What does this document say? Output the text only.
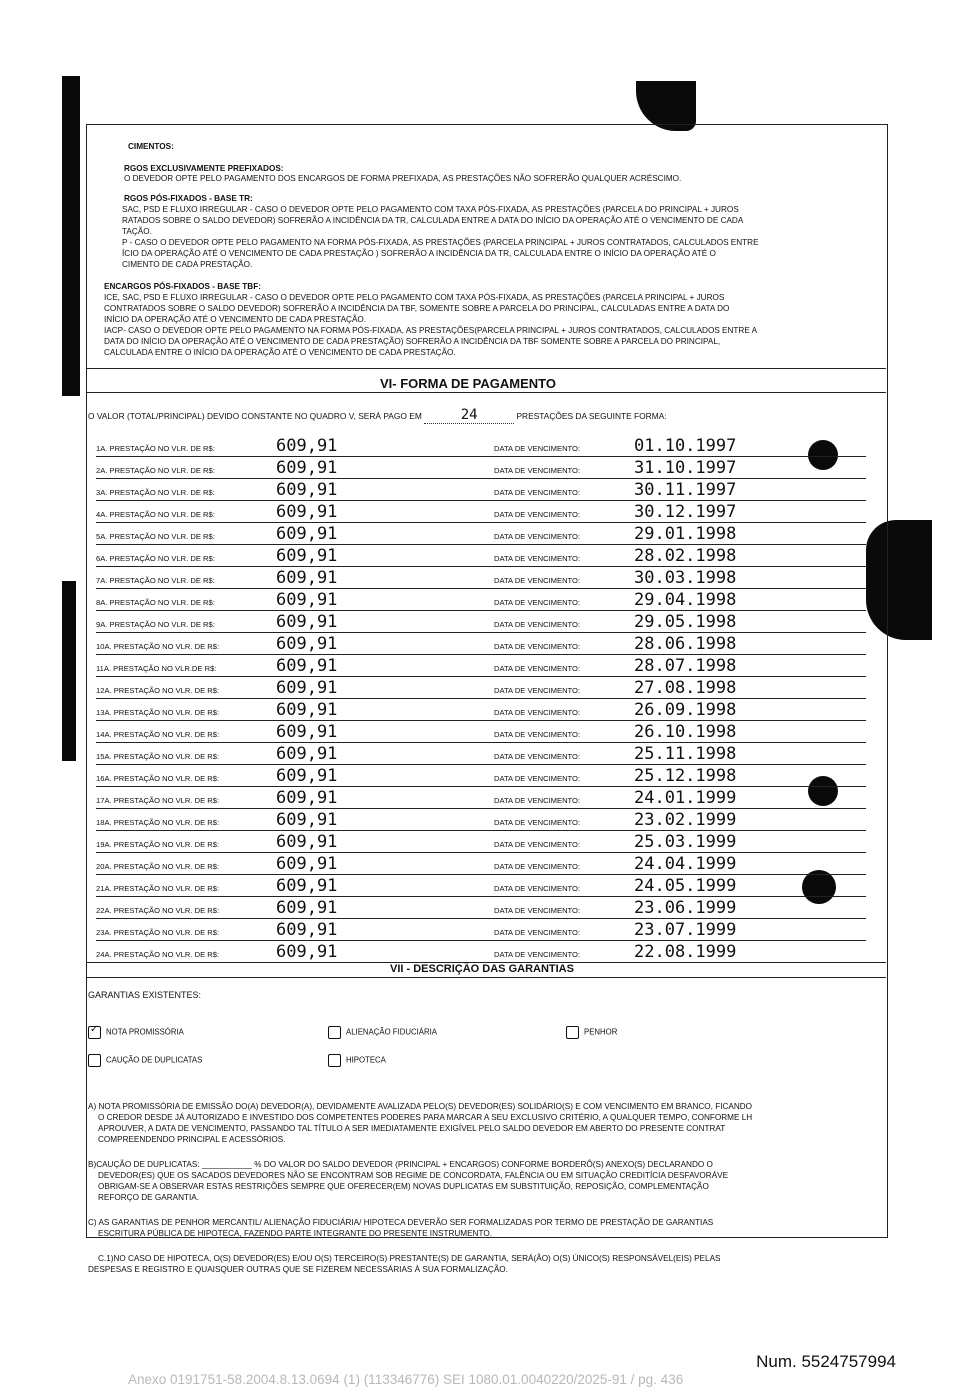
CIMENTOS:
RGOS EXCLUSIVAMENTE PREFIXADOS:
O DEVEDOR OPTE PELO PAGAMENTO DOS ENCARGOS DE FORMA PREFIXADA, AS PRESTAÇÕES NÃO SOFRERÃO QUALQUER ACRÉSCIMO.
RGOS PÓS-FIXADOS - BASE TR:
SAC, PSD E FLUXO IRREGULAR - CASO O DEVEDOR OPTE PELO PAGAMENTO COM TAXA PÓS-FIXADA, AS PRESTAÇÕES (PARCELA DO PRINCIPAL + JUROS
RATADOS SOBRE O SALDO DEVEDOR) SOFRERÃO A INCIDÊNCIA DA TR, CALCULADA ENTRE A DATA DO INÍCIO DA OPERAÇÃO ATÉ O VENCIMENTO DE CADA
TAÇÃO.
P - CASO O DEVEDOR OPTE PELO PAGAMENTO NA FORMA PÓS-FIXADA, AS PRESTAÇÕES (PARCELA PRINCIPAL + JUROS CONTRATADOS, CALCULADOS ENTRE
ÍCIO DA OPERAÇÃO ATÉ O VENCIMENTO DE CADA PRESTAÇÃO ) SOFRERÃO A INCIDÊNCIA DA TR, CALCULADA ENTRE O INÍCIO DA OPERAÇÃO ATÉ O
CIMENTO DE CADA PRESTAÇÃO.
ENCARGOS PÓS-FIXADOS - BASE TBF:
ICE, SAC, PSD E FLUXO IRREGULAR - CASO O DEVEDOR OPTE PELO PAGAMENTO COM TAXA PÓS-FIXADA, AS PRESTAÇÕES (PARCELA PRINCIPAL + JUROS
CONTRATADOS SOBRE O SALDO DEVEDOR) SOFRERÃO A INCIDÊNCIA DA TBF, SOMENTE SOBRE A PARCELA DO PRINCIPAL, CALCULADAS ENTRE A DATA DO
INÍCIO DA OPERAÇÃO ATÉ O VENCIMENTO DE CADA PRESTAÇÃO.
IACP- CASO O DEVEDOR OPTE PELO PAGAMENTO NA FORMA PÓS-FIXADA, AS PRESTAÇÕES(PARCELA PRINCIPAL + JUROS CONTRATADOS, CALCULADOS ENTRE A
DATA DO INÍCIO DA OPERAÇÃO ATÉ O VENCIMENTO DE CADA PRESTAÇÃO) SOFRERÃO A INCIDÊNCIA DA TBF SOMENTE SOBRE A PARCELA DO PRINCIPAL,
CALCULADA ENTRE O INÍCIO DA OPERAÇÃO ATÉ O VENCIMENTO DE CADA PRESTAÇÃO.
VI- FORMA DE PAGAMENTO
O VALOR (TOTAL/PRINCIPAL) DEVIDO CONSTANTE NO QUADRO V, SERÁ PAGO EM	24	PRESTAÇÕES DA SEGUINTE FORMA:
1A. PRESTAÇÃO NO VLR. DE R$:	609,91	DATA DE VENCIMENTO:	01.10.1997
2A. PRESTAÇÃO NO VLR. DE R$:	609,91	DATA DE VENCIMENTO:	31.10.1997
3A. PRESTAÇÃO NO VLR. DE R$:	609,91	DATA DE VENCIMENTO:	30.11.1997
4A. PRESTAÇÃO NO VLR. DE R$:	609,91	DATA DE VENCIMENTO:	30.12.1997
5A. PRESTAÇÃO NO VLR. DE R$:	609,91	DATA DE VENCIMENTO:	29.01.1998
6A. PRESTAÇÃO NO VLR. DE R$:	609,91	DATA DE VENCIMENTO:	28.02.1998
7A. PRESTAÇÃO NO VLR. DE R$:	609,91	DATA DE VENCIMENTO:	30.03.1998
8A. PRESTAÇÃO NO VLR. DE R$:	609,91	DATA DE VENCIMENTO:	29.04.1998
9A. PRESTAÇÃO NO VLR. DE R$:	609,91	DATA DE VENCIMENTO:	29.05.1998
10A. PRESTAÇÃO NO VLR. DE R$:	609,91	DATA DE VENCIMENTO:	28.06.1998
11A. PRESTAÇÃO NO VLR.DE R$:	609,91	DATA DE VENCIMENTO:	28.07.1998
12A. PRESTAÇÃO NO VLR. DE R$:	609,91	DATA DE VENCIMENTO:	27.08.1998
13A. PRESTAÇÃO NO VLR. DE R$:	609,91	DATA DE VENCIMENTO:	26.09.1998
14A. PRESTAÇÃO NO VLR. DE R$:	609,91	DATA DE VENCIMENTO:	26.10.1998
15A. PRESTAÇÃO NO VLR. DE R$:	609,91	DATA DE VENCIMENTO:	25.11.1998
16A. PRESTAÇÃO NO VLR. DE R$:	609,91	DATA DE VENCIMENTO:	25.12.1998
17A. PRESTAÇÃO NO VLR. DE R$:	609,91	DATA DE VENCIMENTO:	24.01.1999
18A. PRESTAÇÃO NO VLR. DE R$:	609,91	DATA DE VENCIMENTO:	23.02.1999
19A. PRESTAÇÃO NO VLR. DE R$:	609,91	DATA DE VENCIMENTO:	25.03.1999
20A. PRESTAÇÃO NO VLR. DE R$:	609,91	DATA DE VENCIMENTO:	24.04.1999
21A. PRESTAÇÃO NO VLR. DE R$:	609,91	DATA DE VENCIMENTO:	24.05.1999
22A. PRESTAÇÃO NO VLR. DE R$:	609,91	DATA DE VENCIMENTO:	23.06.1999
23A. PRESTAÇÃO NO VLR. DE R$:	609,91	DATA DE VENCIMENTO:	23.07.1999
24A. PRESTAÇÃO NO VLR. DE R$:	609,91	DATA DE VENCIMENTO:	22.08.1999
VII - DESCRIÇÃO DAS GARANTIAS
GARANTIAS EXISTENTES:
✓NOTA PROMISSÓRIA	ALIENAÇÃO FIDUCIÁRIA	PENHOR
CAUÇÃO DE DUPLICATAS	HIPOTECA
A) NOTA PROMISSÓRIA DE EMISSÃO DO(A) DEVEDOR(A), DEVIDAMENTE AVALIZADA PELO(S) DEVEDOR(ES) SOLIDÁRIO(S) E COM VENCIMENTO EM BRANCO, FICANDO
O CREDOR DESDE JÁ AUTORIZADO E INVESTIDO DOS COMPETENTES PODERES PARA MARCAR A SEU EXCLUSIVO CRITÉRIO, A QUALQUER TEMPO, CONFORME LH
APROUVER, A DATA DE VENCIMENTO, PASSANDO TAL TÍTULO A SER IMEDIATAMENTE EXIGÍVEL PELO SALDO DEVEDOR EM ABERTO DO PRESENTE CONTRAT
COMPREENDENDO PRINCIPAL E ACESSÓRIOS.
B)CAUÇÃO DE DUPLICATAS: ___________ % DO VALOR DO SALDO DEVEDOR (PRINCIPAL + ENCARGOS) CONFORME BORDERÔ(S) ANEXO(S) DECLARANDO O
DEVEDOR(ES) QUE OS SACADOS DEVEDORES NÃO SE ENCONTRAM SOB REGIME DE CONCORDATA, FALÊNCIA OU EM SITUAÇÃO CREDITÍCIA DESFAVORÁVE
OBRIGAM-SE A OBSERVAR ESTAS RESTRIÇÕES SEMPRE QUE OFERECER(EM) NOVAS DUPLICATAS EM SUBSTITUIÇÃO, REPOSIÇÃO, COMPLEMENTAÇÃO
REFORÇO DE GARANTIA.
C) AS GARANTIAS DE PENHOR MERCANTIL/ ALIENAÇÃO FIDUCIÁRIA/ HIPOTECA DEVERÃO SER FORMALIZADAS POR TERMO DE PRESTAÇÃO DE GARANTIAS
ESCRITURA PÚBLICA DE HIPOTECA, FAZENDO PARTE INTEGRANTE DO PRESENTE INSTRUMENTO.
C.1)NO CASO DE HIPOTECA, O(S) DEVEDOR(ES) E/OU O(S) TERCEIRO(S) PRESTANTE(S) DE GARANTIA, SERÁ(ÃO) O(S) ÚNICO(S) RESPONSÁVEL(EIS) PELAS
DESPESAS E REGISTRO E QUAISQUER OUTRAS QUE SE FIZEREM NECESSÁRIAS À SUA FORMALIZAÇÃO.
Num. 5524757994
Anexo 0191751-58.2004.8.13.0694 (1) (113346776) SEI 1080.01.0040220/2025-91 / pg. 436
